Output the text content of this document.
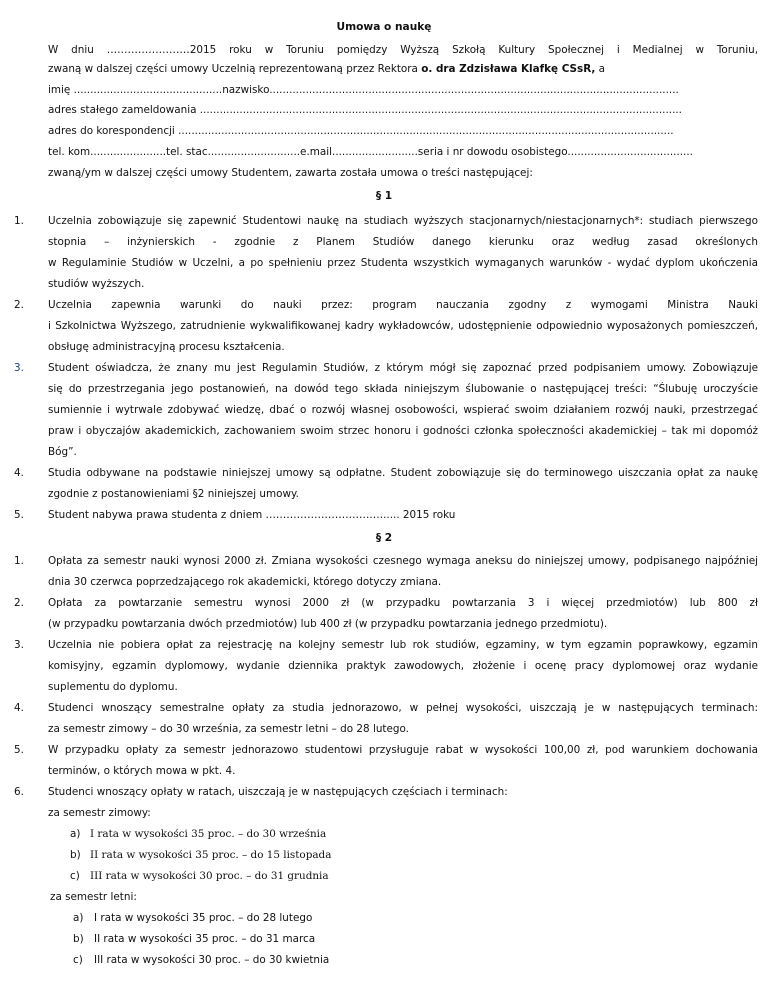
Umowa o naukę
W dniu ……………………2015 roku w Toruniu pomiędzy Wyższą Szkołą Kultury Społecznej i Medialnej w Toruniu,
zwaną w dalszej części umowy Uczelnią reprezentowaną przez Rektora o. dra Zdzisława Klafkę CSsR, a
imię .............................................nazwisko............................................................................................................................
adres stałego zameldowania ..................................................................................................................................................
adres do korespondencji ......................................................................................................................................................
tel. kom.......................tel. stac............................e.mail..........................seria i nr dowodu osobistego......................................
zwaną/ym w dalszej części umowy Studentem, zawarta została umowa o treści następującej:
§ 1
1. Uczelnia zobowiązuje się zapewnić Studentowi naukę na studiach wyższych stacjonarnych/niestacjonarnych*: studiach pierwszego
stopnia – inżynierskich - zgodnie z Planem Studiów danego kierunku oraz według zasad określonych
w Regulaminie Studiów w Uczelni, a po spełnieniu przez Studenta wszystkich wymaganych warunków - wydać dyplom ukończenia
studiów wyższych.
2. Uczelnia zapewnia warunki do nauki przez: program nauczania zgodny z wymogami Ministra Nauki
i Szkolnictwa Wyższego, zatrudnienie wykwalifikowanej kadry wykładowców, udostępnienie odpowiednio wyposażonych pomieszczeń,
obsługę administracyjną procesu kształcenia.
3. Student oświadcza, że znany mu jest Regulamin Studiów, z którym mógł się zapoznać przed podpisaniem umowy. Zobowiązuje
się do przestrzegania jego postanowień, na dowód tego składa niniejszym ślubowanie o następującej treści: “Ślubuję uroczyście
sumiennie i wytrwale zdobywać wiedzę, dbać o rozwój własnej osobowości, wspierać swoim działaniem rozwój nauki, przestrzegać
praw i obyczajów akademickich, zachowaniem swoim strzec honoru i godności członka społeczności akademickiej – tak mi dopomóż
Bóg”.
4. Studia odbywane na podstawie niniejszej umowy są odpłatne. Student zobowiązuje się do terminowego uiszczania opłat za naukę
zgodnie z postanowieniami §2 niniejszej umowy.
5. Student nabywa prawa studenta z dniem ………………………….…..... 2015 roku
§ 2
1. Opłata za semestr nauki wynosi 2000 zł. Zmiana wysokości czesnego wymaga aneksu do niniejszej umowy, podpisanego najpóźniej
dnia 30 czerwca poprzedzającego rok akademicki, którego dotyczy zmiana.
2. Opłata za powtarzanie semestru wynosi 2000 zł (w przypadku powtarzania 3 i więcej przedmiotów) lub 800 zł
(w przypadku powtarzania dwóch przedmiotów) lub 400 zł (w przypadku powtarzania jednego przedmiotu).
3. Uczelnia nie pobiera opłat za rejestrację na kolejny semestr lub rok studiów, egzaminy, w tym egzamin poprawkowy, egzamin
komisyjny, egzamin dyplomowy, wydanie dziennika praktyk zawodowych, złożenie i ocenę pracy dyplomowej oraz wydanie
suplementu do dyplomu.
4. Studenci wnoszący semestralne opłaty za studia jednorazowo, w pełnej wysokości, uiszczają je w następujących terminach:
za semestr zimowy – do 30 września, za semestr letni – do 28 lutego.
5. W przypadku opłaty za semestr jednorazowo studentowi przysługuje rabat w wysokości 100,00 zł, pod warunkiem dochowania
terminów, o których mowa w pkt. 4.
6. Studenci wnoszący opłaty w ratach, uiszczają je w następujących częściach i terminach:
za semestr zimowy:
a) I rata w wysokości 35 proc. – do 30 września
b) II rata w wysokości 35 proc. – do 15 listopada
c) III rata w wysokości 30 proc. – do 31 grudnia
za semestr letni:
a) I rata w wysokości 35 proc. – do 28 lutego
b) II rata w wysokości 35 proc. – do 31 marca
c) III rata w wysokości 30 proc. – do 30 kwietnia
